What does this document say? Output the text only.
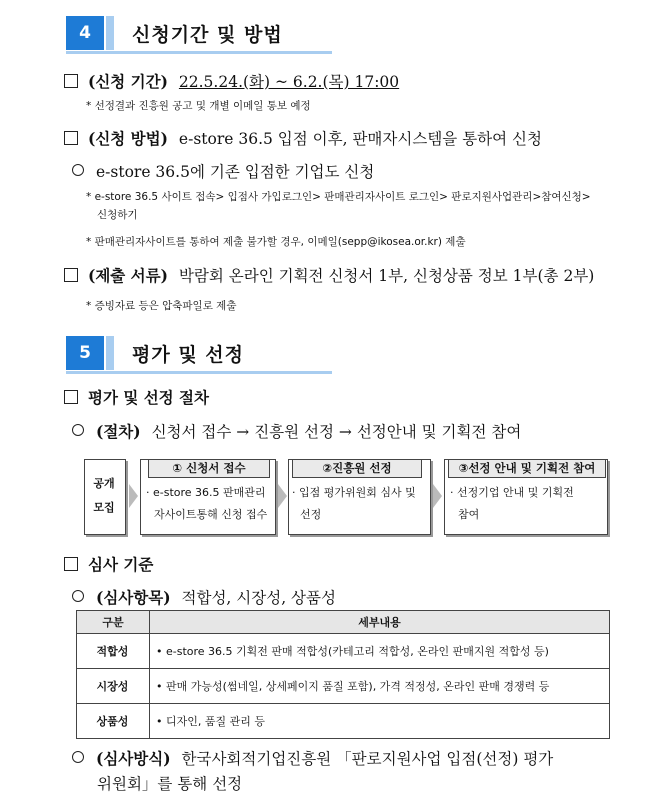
4	신청기간 및 방법
(신청 기간) 22.5.24.(화) ~ 6.2.(목) 17:00
* 선정결과 진흥원 공고 및 개별 이메일 통보 예정
(신청 방법) e-store 36.5 입점 이후, 판매자시스템을 통하여 신청
e-store 36.5에 기존 입점한 기업도 신청
* e-store 36.5 사이트 접속> 입점사 가입로그인> 판매관리자사이트 로그인> 판로지원사업관리>참여신청>
신청하기
* 판매관리자사이트를 통하여 제출 불가할 경우, 이메일(sepp@ikosea.or.kr) 제출
(제출 서류) 박람회 온라인 기획전 신청서 1부, 신청상품 정보 1부(총 2부)
* 증빙자료 등은 압축파일로 제출
5	평가 및 선정
평가 및 선정 절차
(절차) 신청서 접수 → 진흥원 선정 → 선정안내 및 기획전 참여
공개
모집
① 신청서 접수
· e-store 36.5 판매관리
자사이트통해 신청 접수
②진흥원 선정
· 입점 평가위원회 심사 및
선정
③선정 안내 및 기획전 참여
· 선정기업 안내 및 기획전
참여
심사 기준
(심사항목) 적합성, 시장성, 상품성
구분	세부내용
적합성	• e-store 36.5 기획전 판매 적합성(카테고리 적합성, 온라인 판매지원 적합성 등)
시장성	• 판매 가능성(썸네일, 상세페이지 품질 포함), 가격 적정성, 온라인 판매 경쟁력 등
상품성	• 디자인, 품질 관리 등
(심사방식) 한국사회적기업진흥원 「판로지원사업 입점(선정) 평가
위원회」를 통해 선정
